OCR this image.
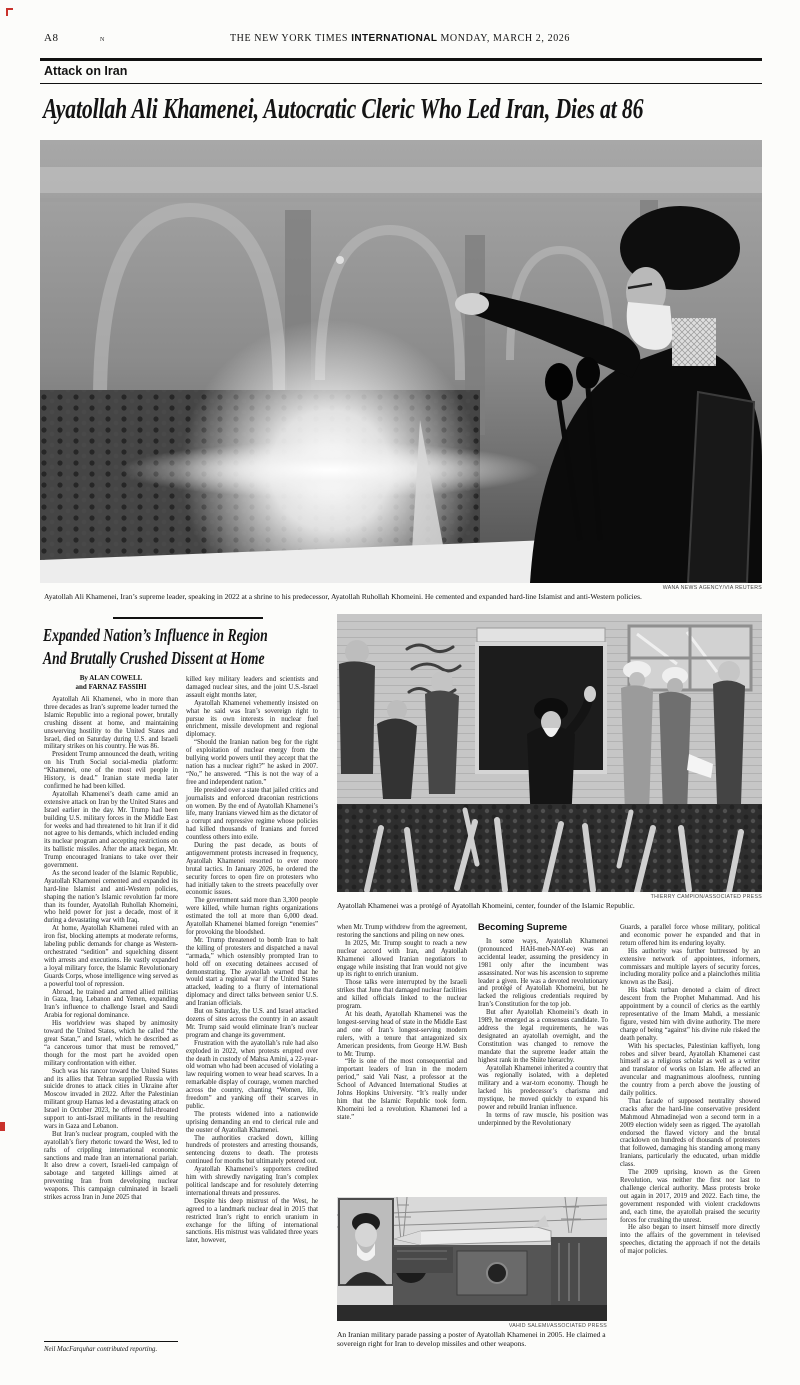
A8	N	THE NEW YORK TIMES INTERNATIONAL MONDAY, MARCH 2, 2026
Attack on Iran
Ayatollah Ali Khamenei, Autocratic Cleric Who Led Iran, Dies at 86
WANA NEWS AGENCY/VIA REUTERS
Ayatollah Ali Khamenei, Iran’s supreme leader, speaking in 2022 at a shrine to his predecessor, Ayatollah Ruhollah Khomeini. He cemented and expanded hard-line Islamist and anti-Western policies.
Expanded Nation’s Influence in Region
And Brutally Crushed Dissent at Home
By ALAN COWELL
and FARNAZ FASSIHI

Ayatollah Ali Khamenei, who in more than three decades as Iran’s supreme leader turned the Islamic Republic into a regional power, brutally crushing dissent at home, and maintaining unswerving hostility to the United States and Israel, died on Saturday during U.S. and Israeli military strikes on his country. He was 86.

President Trump announced the death, writing on his Truth Social social-media platform: “Khamenei, one of the most evil people in History, is dead.” Iranian state media later confirmed he had been killed.

Ayatollah Khamenei’s death came amid an extensive attack on Iran by the United States and Israel earlier in the day. Mr. Trump had been building U.S. military forces in the Middle East for weeks and had threatened to hit Iran if it did not agree to his demands, which included ending its nuclear program and accepting restrictions on its ballistic missiles. After the attack began, Mr. Trump encouraged Iranians to take over their government.

As the second leader of the Islamic Republic, Ayatollah Khamenei cemented and expanded its hard-line Islamist and anti-Western policies, shaping the nation’s Islamic revolution far more than its founder, Ayatollah Ruhollah Khomeini, who held power for just a decade, most of it during a devastating war with Iraq.

At home, Ayatollah Khamenei ruled with an iron fist, blocking attempts at moderate reforms, labeling public demands for change as Western-orchestrated “sedition” and squelching dissent with arrests and executions. He vastly expanded a loyal military force, the Islamic Revolutionary Guards Corps, whose intelligence wing served as a powerful tool of repression.

Abroad, he trained and armed allied militias in Gaza, Iraq, Lebanon and Yemen, expanding Iran’s influence to challenge Israel and Saudi Arabia for regional dominance.

His worldview was shaped by animosity toward the United States, which he called “the great Satan,” and Israel, which he described as “a cancerous tumor that must be removed,” though for the most part he avoided open military confrontation with either.

Such was his rancor toward the United States and its allies that Tehran supplied Russia with suicide drones to attack cities in Ukraine after Moscow invaded in 2022. After the Palestinian militant group Hamas led a devastating attack on Israel in October 2023, he offered full-throated support to anti-Israel militants in the resulting wars in Gaza and Lebanon.

But Iran’s nuclear program, coupled with the ayatollah’s fiery rhetoric toward the West, led to rafts of crippling international economic sanctions and made Iran an international pariah. It also drew a covert, Israeli-led campaign of sabotage and targeted killings aimed at preventing Iran from developing nuclear weapons. This campaign culminated in Israeli strikes across Iran in June 2025 that

killed key military leaders and scientists and damaged nuclear sites, and the joint U.S.-Israel assault eight months later,

Ayatollah Khamenei vehemently insisted on what he said was Iran’s sovereign right to pursue its own interests in nuclear fuel enrichment, missile development and regional diplomacy.

“Should the Iranian nation beg for the right of exploitation of nuclear energy from the bullying world powers until they accept that the nation has a nuclear right?” he asked in 2007. “No,” he answered. “This is not the way of a free and independent nation.”

He presided over a state that jailed critics and journalists and enforced draconian restrictions on women. By the end of Ayatollah Khamenei’s life, many Iranians viewed him as the dictator of a corrupt and repressive regime whose policies had killed thousands of Iranians and forced countless others into exile.

During the past decade, as bouts of antigovernment protests increased in frequency, Ayatollah Khamenei resorted to ever more brutal tactics. In January 2026, he ordered the security forces to open fire on protesters who had initially taken to the streets peacefully over economic issues.

The government said more than 3,300 people were killed, while human rights organizations estimated the toll at more than 6,000 dead. Ayatollah Khamenei blamed foreign “enemies” for provoking the bloodshed.

Mr. Trump threatened to bomb Iran to halt the killing of protesters and dispatched a naval “armada,” which ostensibly prompted Iran to hold off on executing detainees accused of demonstrating. The ayatollah warned that he would start a regional war if the United States attacked, leading to a flurry of international diplomacy and direct talks between senior U.S. and Iranian officials.

But on Saturday, the U.S. and Israel attacked dozens of sites across the country in an assault Mr. Trump said would eliminate Iran’s nuclear program and change its government.

Frustration with the ayatollah’s rule had also exploded in 2022, when protests erupted over the death in custody of Mahsa Amini, a 22-year-old woman who had been accused of violating a law requiring women to wear head scarves. In a remarkable display of courage, women marched across the country, chanting “Women, life, freedom” and yanking off their scarves in public.

The protests widened into a nationwide uprising demanding an end to clerical rule and the ouster of Ayatollah Khamenei.

The authorities cracked down, killing hundreds of protesters and arresting thousands, sentencing dozens to death. The protests continued for months but ultimately petered out.

Ayatollah Khamenei’s supporters credited him with shrewdly navigating Iran’s complex political landscape and for resolutely deterring international threats and pressures.

Despite his deep mistrust of the West, he agreed to a landmark nuclear deal in 2015 that restricted Iran’s right to enrich uranium in exchange for the lifting of international sanctions. His mistrust was validated three years later, however,

THIERRY CAMPION/ASSOCIATED PRESS
Ayatollah Khamenei was a protégé of Ayatollah Khomeini, center, founder of the Islamic Republic.

when Mr. Trump withdrew from the agreement, restoring the sanctions and piling on new ones.

In 2025, Mr. Trump sought to reach a new nuclear accord with Iran, and Ayatollah Khamenei allowed Iranian negotiators to engage while insisting that Iran would not give up its right to enrich uranium.

Those talks were interrupted by the Israeli strikes that June that damaged nuclear facilities and killed officials linked to the nuclear program.

At his death, Ayatollah Khamenei was the longest-serving head of state in the Middle East and one of Iran’s longest-serving modern rulers, with a tenure that antagonized six American presidents, from George H.W. Bush to Mr. Trump.

“He is one of the most consequential and important leaders of Iran in the modern period,” said Vali Nasr, a professor at the School of Advanced International Studies at Johns Hopkins University. “It’s really under him that the Islamic Republic took form. Khomeini led a revolution. Khamenei led a state.”

Becoming Supreme

In some ways, Ayatollah Khamenei (pronounced HAH-meh-NAY-ee) was an accidental leader, assuming the presidency in 1981 only after the incumbent was assassinated. Nor was his ascension to supreme leader a given. He was a devoted revolutionary and protégé of Ayatollah Khomeini, but he lacked the religious credentials required by Iran’s Constitution for the top job.

But after Ayatollah Khomeini’s death in 1989, he emerged as a consensus candidate. To address the legal requirements, he was designated an ayatollah overnight, and the Constitution was changed to remove the mandate that the supreme leader attain the highest rank in the Shiite hierarchy.

Ayatollah Khamenei inherited a country that was regionally isolated, with a depleted military and a war-torn economy. Though he lacked his predecessor’s charisma and mystique, he moved quickly to expand his power and rebuild Iranian influence.

In terms of raw muscle, his position was underpinned by the Revolutionary

Guards, a parallel force whose military, political and economic power he expanded and that in return offered him its enduring loyalty.

His authority was further buttressed by an extensive network of appointees, informers, commissars and multiple layers of security forces, including morality police and a plainclothes militia known as the Basij.

His black turban denoted a claim of direct descent from the Prophet Muhammad. And his appointment by a council of clerics as the earthly representative of the Imam Mahdi, a messianic figure, vested him with divine authority. The mere charge of being “against” his divine rule risked the death penalty.

With his spectacles, Palestinian kaffiyeh, long robes and silver beard, Ayatollah Khamenei cast himself as a religious scholar as well as a writer and translator of works on Islam. He affected an avuncular and magnanimous aloofness, running the country from a perch above the jousting of daily politics.

That facade of supposed neutrality showed cracks after the hard-line conservative president Mahmoud Ahmadinejad won a second term in a 2009 election widely seen as rigged. The ayatollah endorsed the flawed victory and the brutal crackdown on hundreds of thousands of protesters that followed, damaging his standing among many Iranians, particularly the educated, urban middle class.

The 2009 uprising, known as the Green Revolution, was neither the first nor last to challenge clerical authority. Mass protests broke out again in 2017, 2019 and 2022. Each time, the government responded with violent crackdowns and, each time, the ayatollah praised the security forces for crushing the unrest.

He also began to insert himself more directly into the affairs of the government in televised speeches, dictating the approach if not the details of major policies.

VAHID SALEMI/ASSOCIATED PRESS
An Iranian military parade passing a poster of Ayatollah Khamenei in 2005. He claimed a sovereign right for Iran to develop missiles and other weapons.
Neil MacFarquhar contributed reporting.
